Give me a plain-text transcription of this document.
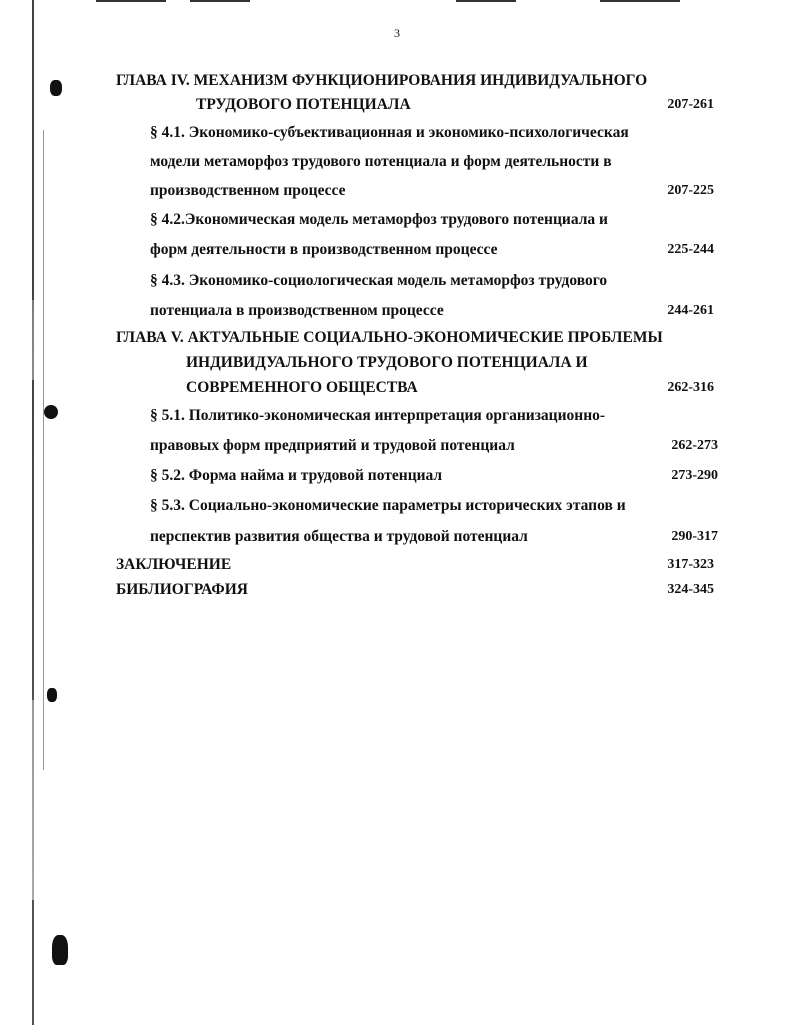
3
ГЛАВА IV. МЕХАНИЗМ ФУНКЦИОНИРОВАНИЯ ИНДИВИДУАЛЬНОГО
ТРУДОВОГО ПОТЕНЦИАЛА	207-261
§ 4.1. Экономико-субъективационная и экономико-психологическая
модели метаморфоз трудового потенциала и форм деятельности в
производственном процессе	207-225
§ 4.2.Экономическая модель метаморфоз трудового потенциала и
форм деятельности в производственном процессе	225-244
§ 4.3. Экономико-социологическая модель метаморфоз трудового
потенциала в производственном процессе	244-261
ГЛАВА V. АКТУАЛЬНЫЕ СОЦИАЛЬНО-ЭКОНОМИЧЕСКИЕ ПРОБЛЕМЫ
ИНДИВИДУАЛЬНОГО ТРУДОВОГО ПОТЕНЦИАЛА И
СОВРЕМЕННОГО ОБЩЕСТВА	262-316
§ 5.1. Политико-экономическая интерпретация организационно-
правовых форм предприятий и трудовой потенциал	262-273
§ 5.2. Форма найма и трудовой потенциал	273-290
§ 5.3. Социально-экономические параметры исторических этапов и
перспектив развития общества и трудовой потенциал	290-317
ЗАКЛЮЧЕНИЕ	317-323
БИБЛИОГРАФИЯ	324-345
